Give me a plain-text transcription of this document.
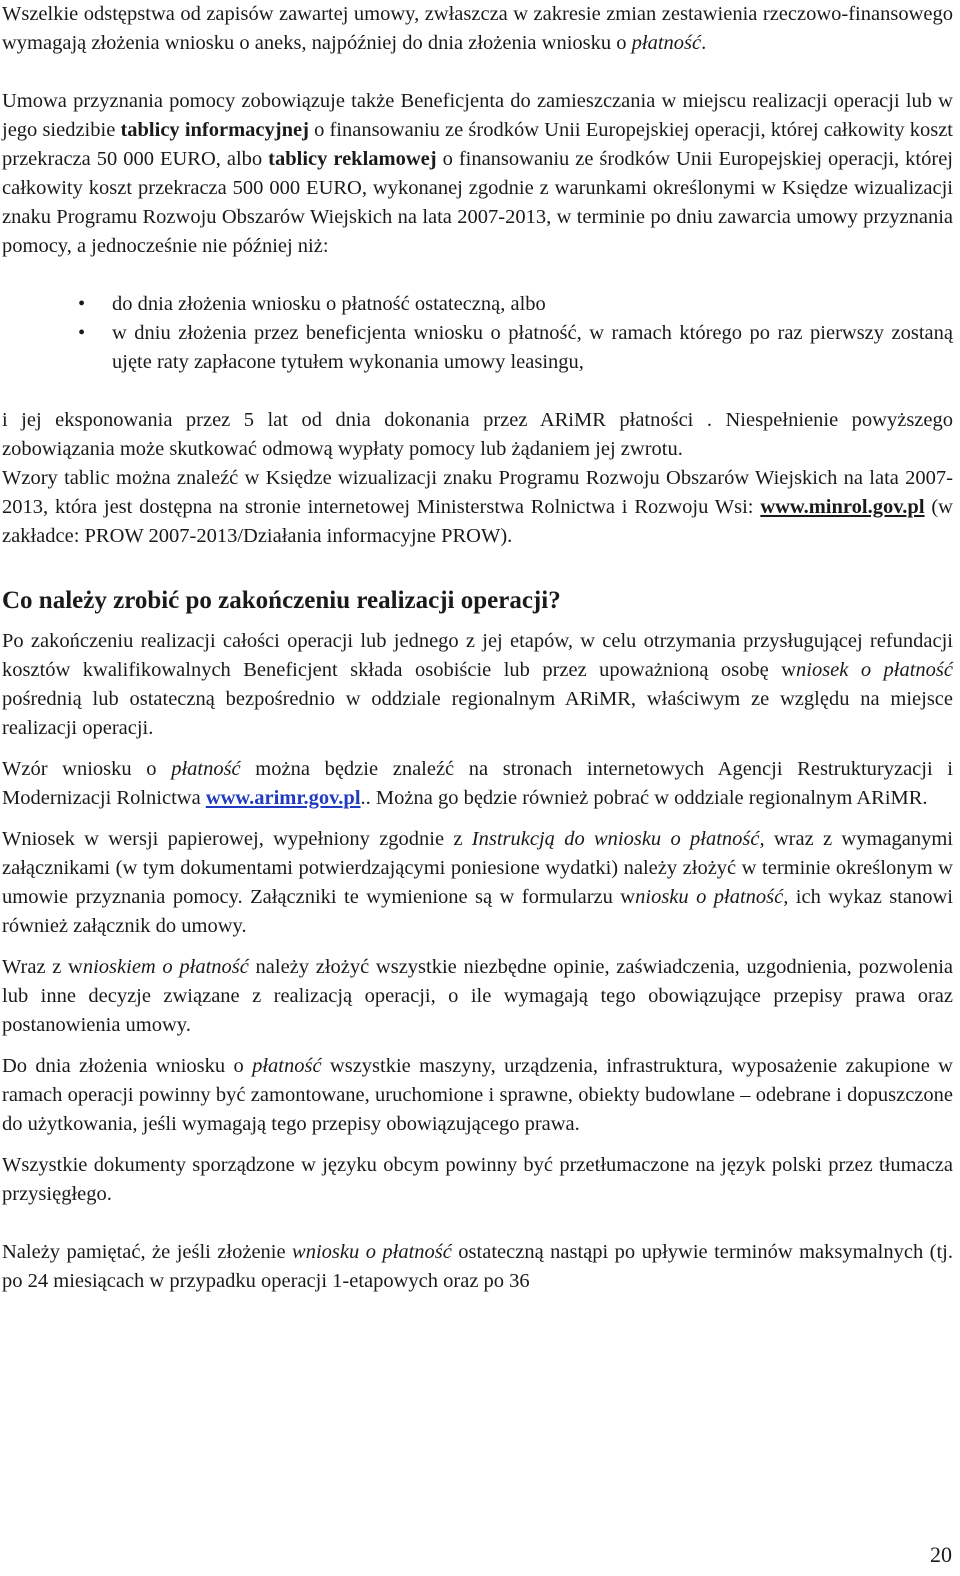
Wszelkie odstępstwa od zapisów zawartej umowy, zwłaszcza w zakresie zmian zestawienia rzeczowo-finansowego wymagają złożenia wniosku o aneks, najpóźniej do dnia złożenia wniosku o płatność.

Umowa przyznania pomocy zobowiązuje także Beneficjenta do zamieszczania w miejscu realizacji operacji lub w jego siedzibie tablicy informacyjnej o finansowaniu ze środków Unii Europejskiej operacji, której całkowity koszt przekracza 50 000 EURO, albo tablicy reklamowej o finansowaniu ze środków Unii Europejskiej operacji, której całkowity koszt przekracza 500 000 EURO, wykonanej zgodnie z warunkami określonymi w Księdze wizualizacji znaku Programu Rozwoju Obszarów Wiejskich na lata 2007-2013, w terminie po dniu zawarcia umowy przyznania pomocy, a jednocześnie nie później niż:

• do dnia złożenia wniosku o płatność ostateczną, albo
• w dniu złożenia przez beneficjenta wniosku o płatność, w ramach którego po raz pierwszy zostaną ujęte raty zapłacone tytułem wykonania umowy leasingu,

i jej eksponowania przez 5 lat od dnia dokonania przez ARiMR płatności . Niespełnienie powyższego zobowiązania może skutkować odmową wypłaty pomocy lub żądaniem jej zwrotu.

Wzory tablic można znaleźć w Księdze wizualizacji znaku Programu Rozwoju Obszarów Wiejskich na lata 2007-2013, która jest dostępna na stronie internetowej Ministerstwa Rolnictwa i Rozwoju Wsi: www.minrol.gov.pl (w zakładce: PROW 2007-2013/Działania informacyjne PROW).

Co należy zrobić po zakończeniu realizacji operacji?

Po zakończeniu realizacji całości operacji lub jednego z jej etapów, w celu otrzymania przysługującej refundacji kosztów kwalifikowalnych Beneficjent składa osobiście lub przez upoważnioną osobę wniosek o płatność pośrednią lub ostateczną bezpośrednio w oddziale regionalnym ARiMR, właściwym ze względu na miejsce realizacji operacji.

Wzór wniosku o płatność można będzie znaleźć na stronach internetowych Agencji Restrukturyzacji i Modernizacji Rolnictwa www.arimr.gov.pl.. Można go będzie również pobrać w oddziale regionalnym ARiMR.

Wniosek w wersji papierowej, wypełniony zgodnie z Instrukcją do wniosku o płatność, wraz z wymaganymi załącznikami (w tym dokumentami potwierdzającymi poniesione wydatki) należy złożyć w terminie określonym w umowie przyznania pomocy. Załączniki te wymienione są w formularzu wniosku o płatność, ich wykaz stanowi również załącznik do umowy.

Wraz z wnioskiem o płatność należy złożyć wszystkie niezbędne opinie, zaświadczenia, uzgodnienia, pozwolenia lub inne decyzje związane z realizacją operacji, o ile wymagają tego obowiązujące przepisy prawa oraz postanowienia umowy.

Do dnia złożenia wniosku o płatność wszystkie maszyny, urządzenia, infrastruktura, wyposażenie zakupione w ramach operacji powinny być zamontowane, uruchomione i sprawne, obiekty budowlane – odebrane i dopuszczone do użytkowania, jeśli wymagają tego przepisy obowiązującego prawa.

Wszystkie dokumenty sporządzone w języku obcym powinny być przetłumaczone na język polski przez tłumacza przysięgłego.

Należy pamiętać, że jeśli złożenie wniosku o płatność ostateczną nastąpi po upływie terminów maksymalnych (tj. po 24 miesiącach w przypadku operacji 1-etapowych oraz po 36

20
